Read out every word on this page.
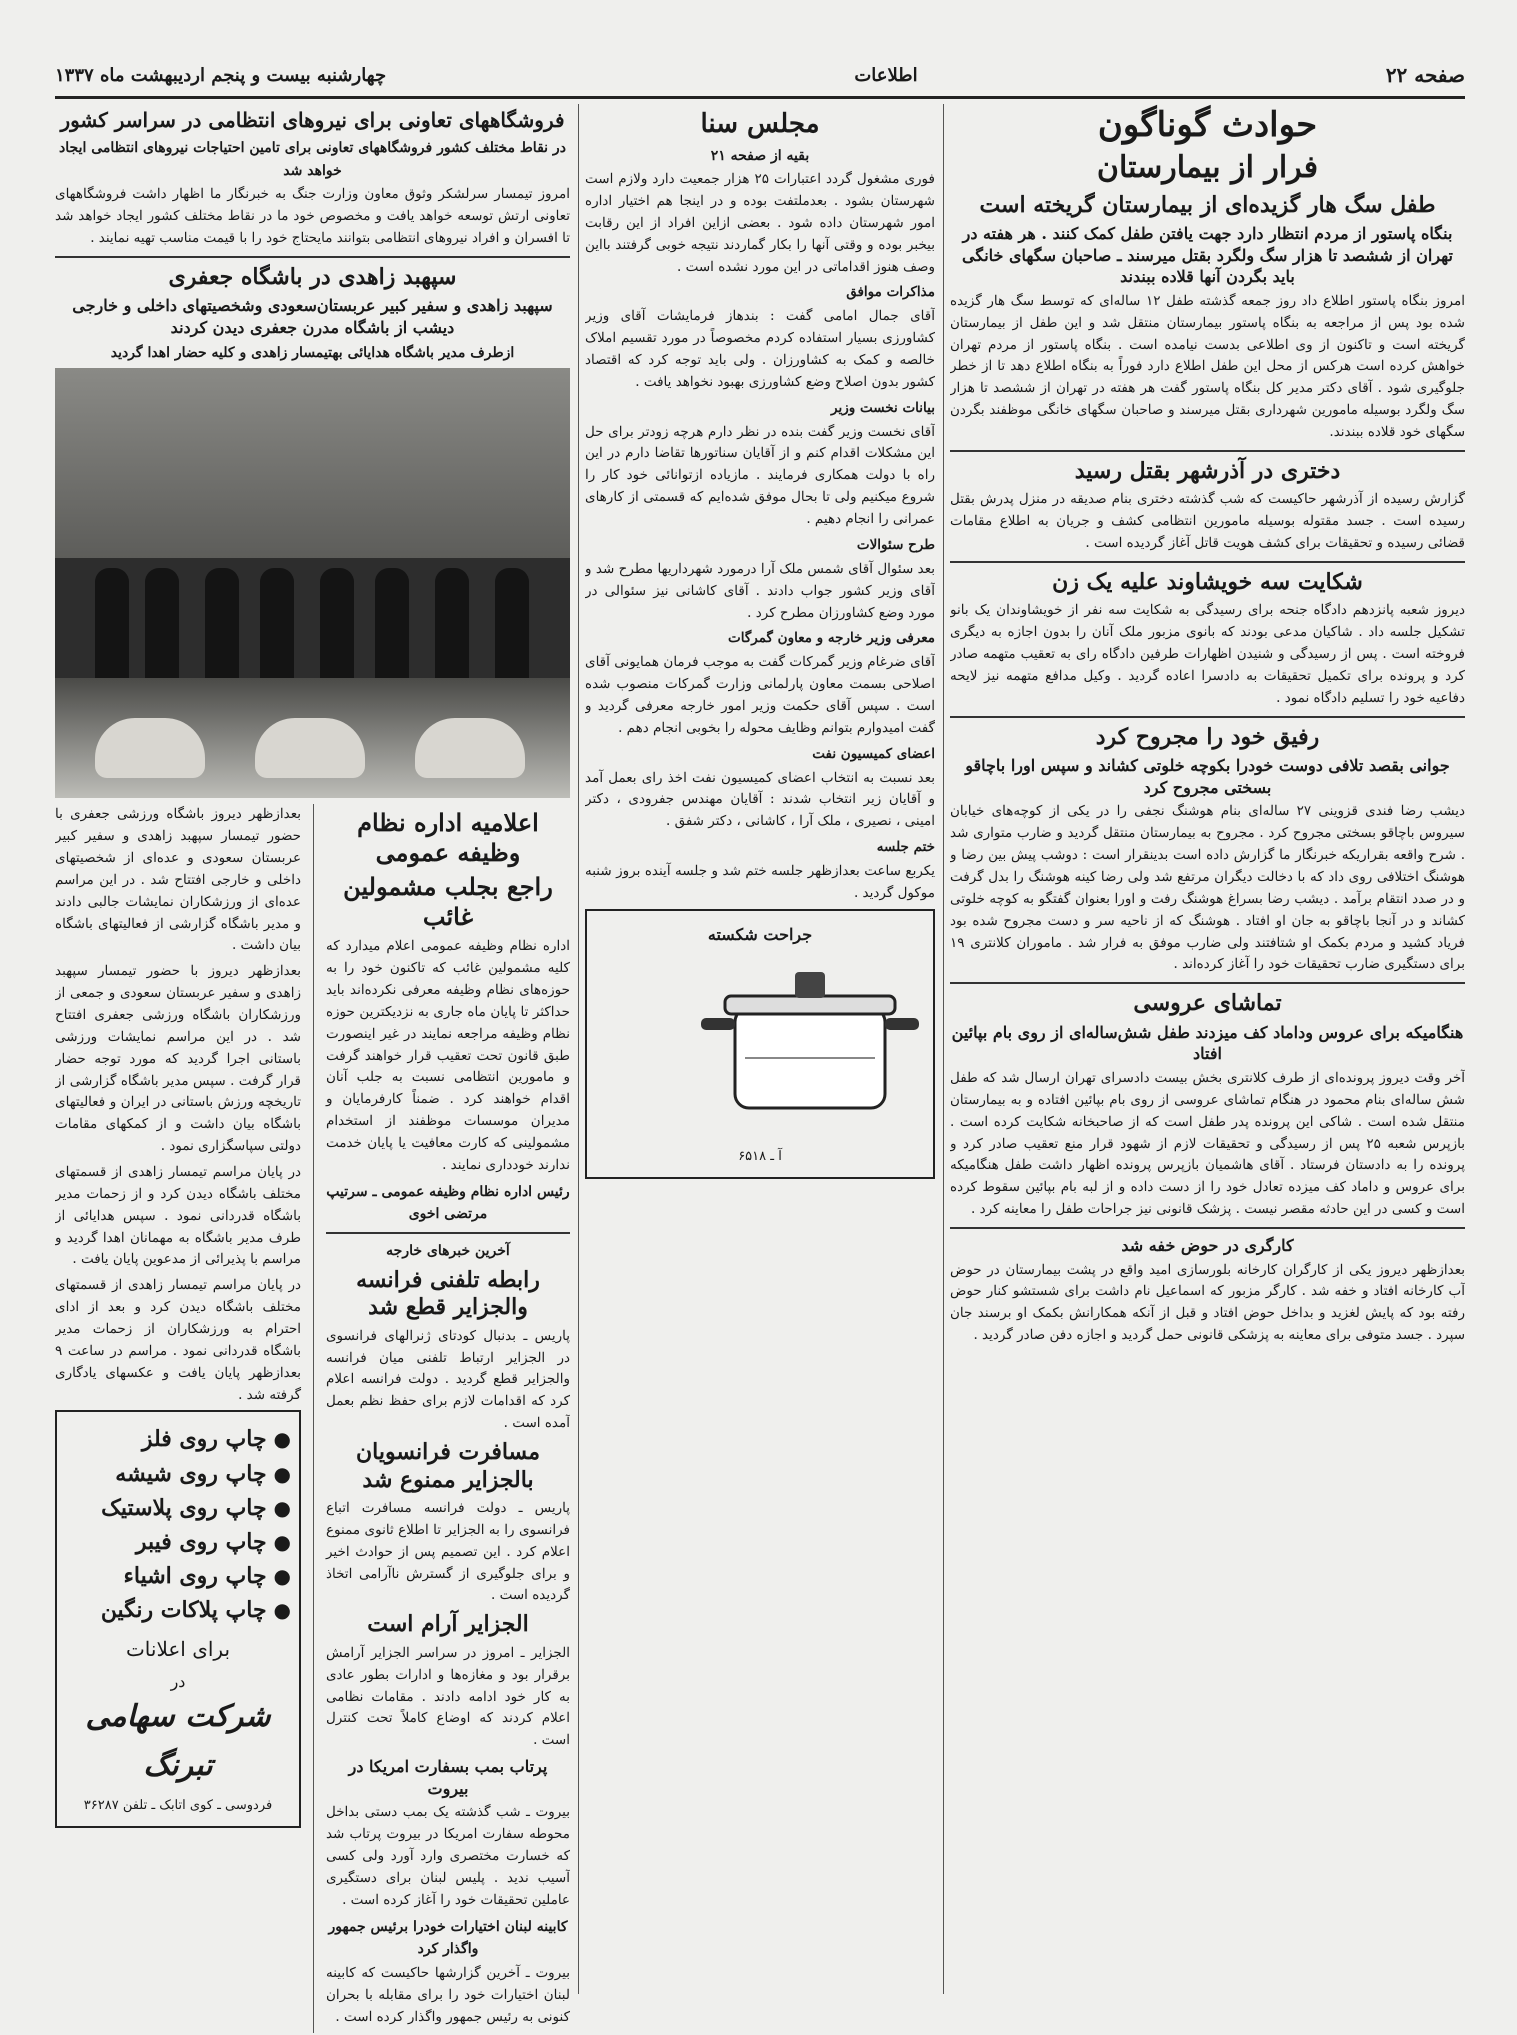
صفحه ۲۲
اطلاعات
چهارشنبه بیست و پنجم اردیبهشت ماه ۱۳۳۷
حوادث گوناگون
فرار از بیمارستان
طفل سگ هار گزیده‌ای از بیمارستان گریخته است
بنگاه پاستور از مردم انتظار دارد جهت یافتن طفل کمک کنند . هر هفته در تهران از ششصد تا هزار سگ ولگرد بقتل میرسند ـ صاحبان سگهای خانگی باید بگردن آنها قلاده ببندند

امروز بنگاه پاستور اطلاع داد روز جمعه گذشته طفل ۱۲ ساله‌ای که توسط سگ هار گزیده شده بود پس از مراجعه به بنگاه پاستور بیمارستان منتقل شد و این طفل از بیمارستان گریخته است و تاکنون از وی اطلاعی بدست نیامده است . بنگاه پاستور از مردم تهران خواهش کرده است هرکس از محل این طفل اطلاع دارد فوراً به بنگاه اطلاع دهد تا از خطر جلوگیری شود . آقای دکتر مدیر کل بنگاه پاستور گفت هر هفته در تهران از ششصد تا هزار سگ ولگرد بوسیله مامورین شهرداری بقتل میرسند و صاحبان سگهای خانگی موظفند بگردن سگهای خود قلاده ببندند.

دختری در آذرشهر بقتل رسید

گزارش رسیده از آذرشهر حاکیست که شب گذشته دختری بنام صدیقه در منزل پدرش بقتل رسیده است . جسد مقتوله بوسیله مامورین انتظامی کشف و جریان به اطلاع مقامات قضائی رسیده و تحقیقات برای کشف هویت قاتل آغاز گردیده است .

شکایت سه خویشاوند علیه یک زن

دیروز شعبه پانزدهم دادگاه جنحه برای رسیدگی به شکایت سه نفر از خویشاوندان یک بانو تشکیل جلسه داد . شاکیان مدعی بودند که بانوی مزبور ملک آنان را بدون اجازه به دیگری فروخته است . پس از رسیدگی و شنیدن اظهارات طرفین دادگاه رای به تعقیب متهمه صادر کرد و پرونده برای تکمیل تحقیقات به دادسرا اعاده گردید . وکیل مدافع متهمه نیز لایحه دفاعیه خود را تسلیم دادگاه نمود .

رفیق خود را مجروح کرد
جوانی بقصد تلافی دوست خودرا بکوچه خلوتی کشاند و سپس اورا باچاقو بسختی مجروح کرد

دیشب رضا فندی قزوینی ۲۷ ساله‌ای بنام هوشنگ نجفی را در یکی از کوچه‌های خیابان سیروس باچاقو بسختی مجروح کرد . مجروح به بیمارستان منتقل گردید و ضارب متواری شد . شرح واقعه بقراریکه خبرنگار ما گزارش داده است بدینقرار است : دوشب پیش بین رضا و هوشنگ اختلافی روی داد که با دخالت دیگران مرتفع شد ولی رضا کینه هوشنگ را بدل گرفت و در صدد انتقام برآمد . دیشب رضا بسراغ هوشنگ رفت و اورا بعنوان گفتگو به کوچه خلوتی کشاند و در آنجا باچاقو به جان او افتاد . هوشنگ که از ناحیه سر و دست مجروح شده بود فریاد کشید و مردم بکمک او شتافتند ولی ضارب موفق به فرار شد . ماموران کلانتری ۱۹ برای دستگیری ضارب تحقیقات خود را آغاز کرده‌اند .

تماشای عروسی
هنگامیکه برای عروس وداماد کف میزدند طفل شش‌ساله‌ای از روی بام بپائین افتاد

آخر وقت دیروز پرونده‌ای از طرف کلانتری بخش بیست دادسرای تهران ارسال شد که طفل شش ساله‌ای بنام محمود در هنگام تماشای عروسی از روی بام بپائین افتاده و به بیمارستان منتقل شده است . شاکی این پرونده پدر طفل است که از صاحبخانه شکایت کرده است . بازپرس شعبه ۲۵ پس از رسیدگی و تحقیقات لازم از شهود قرار منع تعقیب صادر کرد و پرونده را به دادستان فرستاد . آقای هاشمیان بازپرس پرونده اظهار داشت طفل هنگامیکه برای عروس و داماد کف میزده تعادل خود را از دست داده و از لبه بام بپائین سقوط کرده است و کسی در این حادثه مقصر نیست . پزشک قانونی نیز جراحات طفل را معاینه کرد .

کارگری در حوض خفه شد

بعدازظهر دیروز یکی از کارگران کارخانه بلورسازی امید واقع در پشت بیمارستان در حوض آب کارخانه افتاد و خفه شد . کارگر مزبور که اسماعیل نام داشت برای شستشو کنار حوض رفته بود که پایش لغزید و بداخل حوض افتاد و قبل از آنکه همکارانش بکمک او برسند جان سپرد . جسد متوفی برای معاینه به پزشکی قانونی حمل گردید و اجازه دفن صادر گردید .

مجلس سنا
بقیه از صفحه ۲۱

فوری مشغول گردد اعتبارات ۲۵ هزار جمعیت دارد ولازم است شهرستان بشود . بعدملتفت بوده و در اینجا هم اختیار اداره امور شهرستان داده شود . بعضی ازاین افراد از این رقابت بیخبر بوده و وقتی آنها را بکار گماردند نتیجه خوبی گرفتند بااین وصف هنوز اقداماتی در این مورد نشده است .

مذاکرات موافق

آقای جمال امامی گفت : بندهاز فرمایشات آقای وزیر کشاورزی بسیار استفاده کردم مخصوصاً در مورد تقسیم املاک خالصه و کمک به کشاورزان . ولی باید توجه کرد که اقتصاد کشور بدون اصلاح وضع کشاورزی بهبود نخواهد یافت .

بیانات نخست وزیر

آقای نخست وزیر گفت بنده در نظر دارم هرچه زودتر برای حل این مشکلات اقدام کنم و از آقایان سناتورها تقاضا دارم در این راه با دولت همکاری فرمایند . مازیاده ازتوانائی خود کار را شروع میکنیم ولی تا بحال موفق شده‌ایم که قسمتی از کارهای عمرانی را انجام دهیم .

طرح سئوالات

بعد سئوال آقای شمس ملک آرا درمورد شهرداریها مطرح شد و آقای وزیر کشور جواب دادند . آقای کاشانی نیز سئوالی در مورد وضع کشاورزان مطرح کرد .

معرفی وزیر خارجه و معاون گمرگات

آقای ضرغام وزیر گمرکات گفت به موجب فرمان همایونی آقای اصلاحی بسمت معاون پارلمانی وزارت گمرکات منصوب شده است . سپس آقای حکمت وزیر امور خارجه معرفی گردید و گفت امیدوارم بتوانم وظایف محوله را بخوبی انجام دهم .

اعضای کمیسیون نفت

بعد نسبت به انتخاب اعضای کمیسیون نفت اخذ رای بعمل آمد و آقایان زیر انتخاب شدند : آقایان مهندس جفرودی ، دکتر امینی ، نصیری ، ملک آرا ، کاشانی ، دکتر شفق .

ختم جلسه

یکربع ساعت بعدازظهر جلسه ختم شد و جلسه آینده بروز شنبه موکول گردید .

جراحت شکسته
آ ـ ۶۵۱۸
فروشگاههای تعاونی برای نیروهای انتظامی در سراسر کشور
در نقاط مختلف کشور فروشگاههای تعاونی برای تامین احتیاجات نیروهای انتظامی ایجاد خواهد شد

امروز تیمسار سرلشکر وثوق معاون وزارت جنگ به خبرنگار ما اظهار داشت فروشگاههای تعاونی ارتش توسعه خواهد یافت و مخصوص خود ما در نقاط مختلف کشور ایجاد خواهد شد تا افسران و افراد نیروهای انتظامی بتوانند مایحتاج خود را با قیمت مناسب تهیه نمایند .

سپهبد زاهدی در باشگاه جعفری
سپهبد زاهدی و سفیر کبیر عربستان‌سعودی وشخصیتهای داخلی و خارجی دیشب از باشگاه مدرن جعفری دیدن کردند
ازطرف مدیر باشگاه هدایائی بهتیمسار زاهدی و کلیه حضار اهدا گردید
اعلامیه اداره نظام وظیفه عمومی
راجع بجلب مشمولین غائب

اداره نظام وظیفه عمومی اعلام میدارد که کلیه مشمولین غائب که تاکنون خود را به حوزه‌های نظام وظیفه معرفی نکرده‌اند باید حداکثر تا پایان ماه جاری به نزدیکترین حوزه نظام وظیفه مراجعه نمایند در غیر اینصورت طبق قانون تحت تعقیب قرار خواهند گرفت و مامورین انتظامی نسبت به جلب آنان اقدام خواهند کرد . ضمناً کارفرمایان و مدیران موسسات موظفند از استخدام مشمولینی که کارت معافیت یا پایان خدمت ندارند خودداری نمایند .

رئیس اداره نظام وظیفه عمومی ـ سرتیپ مرتضی اخوی
آخرین خبرهای خارجه
رابطه تلفنی فرانسه والجزایر قطع شد

پاریس ـ بدنبال کودتای ژنرالهای فرانسوی در الجزایر ارتباط تلفنی میان فرانسه والجزایر قطع گردید . دولت فرانسه اعلام کرد که اقدامات لازم برای حفظ نظم بعمل آمده است .

مسافرت فرانسویان بالجزایر ممنوع شد

پاریس ـ دولت فرانسه مسافرت اتباع فرانسوی را به الجزایر تا اطلاع ثانوی ممنوع اعلام کرد . این تصمیم پس از حوادث اخیر و برای جلوگیری از گسترش ناآرامی اتخاذ گردیده است .

الجزایر آرام است

الجزایر ـ امروز در سراسر الجزایر آرامش برقرار بود و مغازه‌ها و ادارات بطور عادی به کار خود ادامه دادند . مقامات نظامی اعلام کردند که اوضاع کاملاً تحت کنترل است .

پرتاب بمب بسفارت امریکا در بیروت

بیروت ـ شب گذشته یک بمب دستی بداخل محوطه سفارت امریکا در بیروت پرتاب شد که خسارت مختصری وارد آورد ولی کسی آسیب ندید . پلیس لبنان برای دستگیری عاملین تحقیقات خود را آغاز کرده است .

کابینه لبنان اختیارات خودرا برئیس جمهور واگذار کرد

بیروت ـ آخرین گزارشها حاکیست که کابینه لبنان اختیارات خود را برای مقابله با بحران کنونی به رئیس جمهور واگذار کرده است .

بعدازظهر دیروز باشگاه ورزشی جعفری با حضور تیمسار سپهبد زاهدی و سفیر کبیر عربستان سعودی و عده‌ای از شخصیتهای داخلی و خارجی افتتاح شد . در این مراسم عده‌ای از ورزشکاران نمایشات جالبی دادند و مدیر باشگاه گزارشی از فعالیتهای باشگاه بیان داشت .

بعدازظهر دیروز با حضور تیمسار سپهبد زاهدی و سفیر عربستان سعودی و جمعی از ورزشکاران باشگاه ورزشی جعفری افتتاح شد . در این مراسم نمایشات ورزشی باستانی اجرا گردید که مورد توجه حضار قرار گرفت . سپس مدیر باشگاه گزارشی از تاریخچه ورزش باستانی در ایران و فعالیتهای باشگاه بیان داشت و از کمکهای مقامات دولتی سپاسگزاری نمود .

در پایان مراسم تیمسار زاهدی از قسمتهای مختلف باشگاه دیدن کرد و از زحمات مدیر باشگاه قدردانی نمود . سپس هدایائی از طرف مدیر باشگاه به مهمانان اهدا گردید و مراسم با پذیرائی از مدعوین پایان یافت .

در پایان مراسم تیمسار زاهدی از قسمتهای مختلف باشگاه دیدن کرد و بعد از ادای احترام به ورزشکاران از زحمات مدیر باشگاه قدردانی نمود . مراسم در ساعت ۹ بعدازظهر پایان یافت و عکسهای یادگاری گرفته شد .

● چاپ روی فلز
● چاپ روی شیشه
● چاپ روی پلاستیک
● چاپ روی فیبر
● چاپ روی اشیاء
● چاپ پلاکات رنگین
برای اعلانات
در
شرکت سهامی تبرنگ
فردوسی ـ کوی اتابک ـ تلفن ۳۶۲۸۷
